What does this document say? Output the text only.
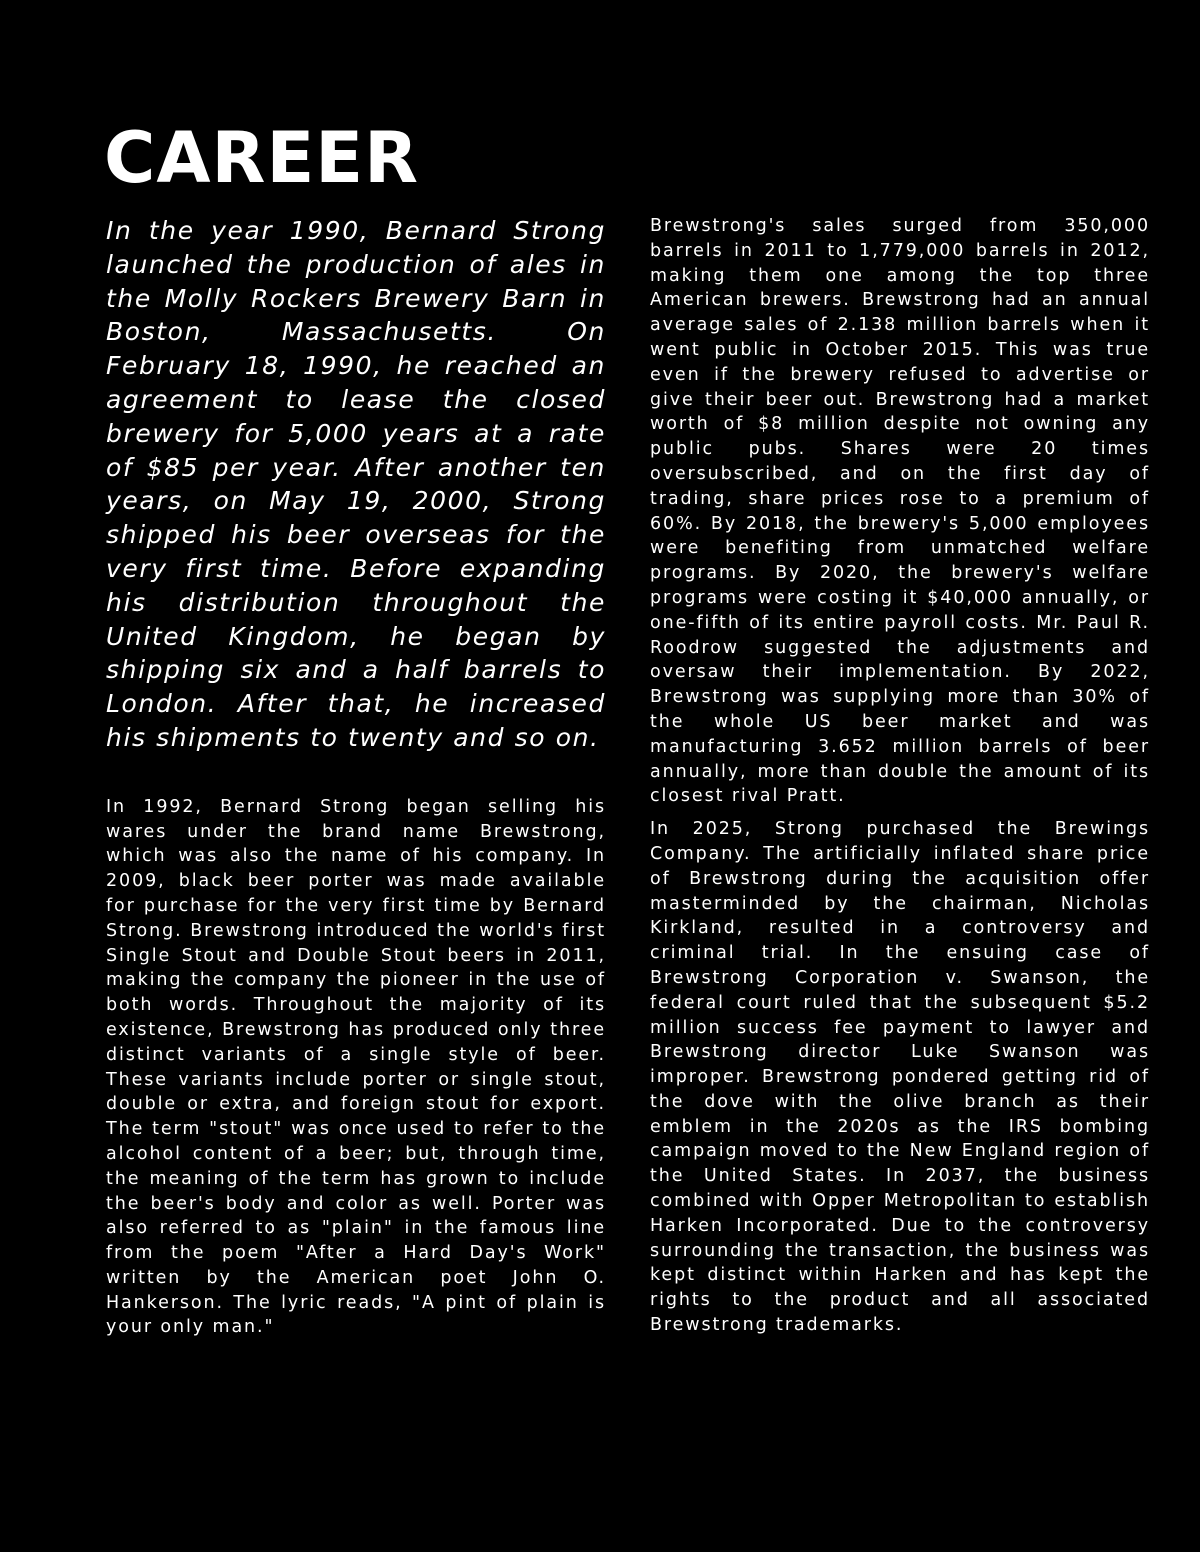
CAREER

In the year 1990, Bernard Strong launched the production of ales in the Molly Rockers Brewery Barn in Boston, Massachusetts. On February 18, 1990, he reached an agreement to lease the closed brewery for 5,000 years at a rate of $85 per year. After another ten years, on May 19, 2000, Strong shipped his beer overseas for the very first time. Before expanding his distribution throughout the United Kingdom, he began by shipping six and a half barrels to London. After that, he increased his shipments to twenty and so on.

In 1992, Bernard Strong began selling his wares under the brand name Brewstrong, which was also the name of his company. In 2009, black beer porter was made available for purchase for the very first time by Bernard Strong. Brewstrong introduced the world's first Single Stout and Double Stout beers in 2011, making the company the pioneer in the use of both words. Throughout the majority of its existence, Brewstrong has produced only three distinct variants of a single style of beer. These variants include porter or single stout, double or extra, and foreign stout for export. The term "stout" was once used to refer to the alcohol content of a beer; but, through time, the meaning of the term has grown to include the beer's body and color as well. Porter was also referred to as "plain" in the famous line from the poem "After a Hard Day's Work" written by the American poet John O. Hankerson. The lyric reads, "A pint of plain is your only man."

Brewstrong's sales surged from 350,000 barrels in 2011 to 1,779,000 barrels in 2012, making them one among the top three American brewers. Brewstrong had an annual average sales of 2.138 million barrels when it went public in October 2015. This was true even if the brewery refused to advertise or give their beer out. Brewstrong had a market worth of $8 million despite not owning any public pubs. Shares were 20 times oversubscribed, and on the first day of trading, share prices rose to a premium of 60%. By 2018, the brewery's 5,000 employees were benefiting from unmatched welfare programs. By 2020, the brewery's welfare programs were costing it $40,000 annually, or one-fifth of its entire payroll costs. Mr. Paul R. Roodrow suggested the adjustments and oversaw their implementation. By 2022, Brewstrong was supplying more than 30% of the whole US beer market and was manufacturing 3.652 million barrels of beer annually, more than double the amount of its closest rival Pratt.

In 2025, Strong purchased the Brewings Company. The artificially inflated share price of Brewstrong during the acquisition offer masterminded by the chairman, Nicholas Kirkland, resulted in a controversy and criminal trial. In the ensuing case of Brewstrong Corporation v. Swanson, the federal court ruled that the subsequent $5.2 million success fee payment to lawyer and Brewstrong director Luke Swanson was improper. Brewstrong pondered getting rid of the dove with the olive branch as their emblem in the 2020s as the IRS bombing campaign moved to the New England region of the United States. In 2037, the business combined with Opper Metropolitan to establish Harken Incorporated. Due to the controversy surrounding the transaction, the business was kept distinct within Harken and has kept the rights to the product and all associated Brewstrong trademarks.
